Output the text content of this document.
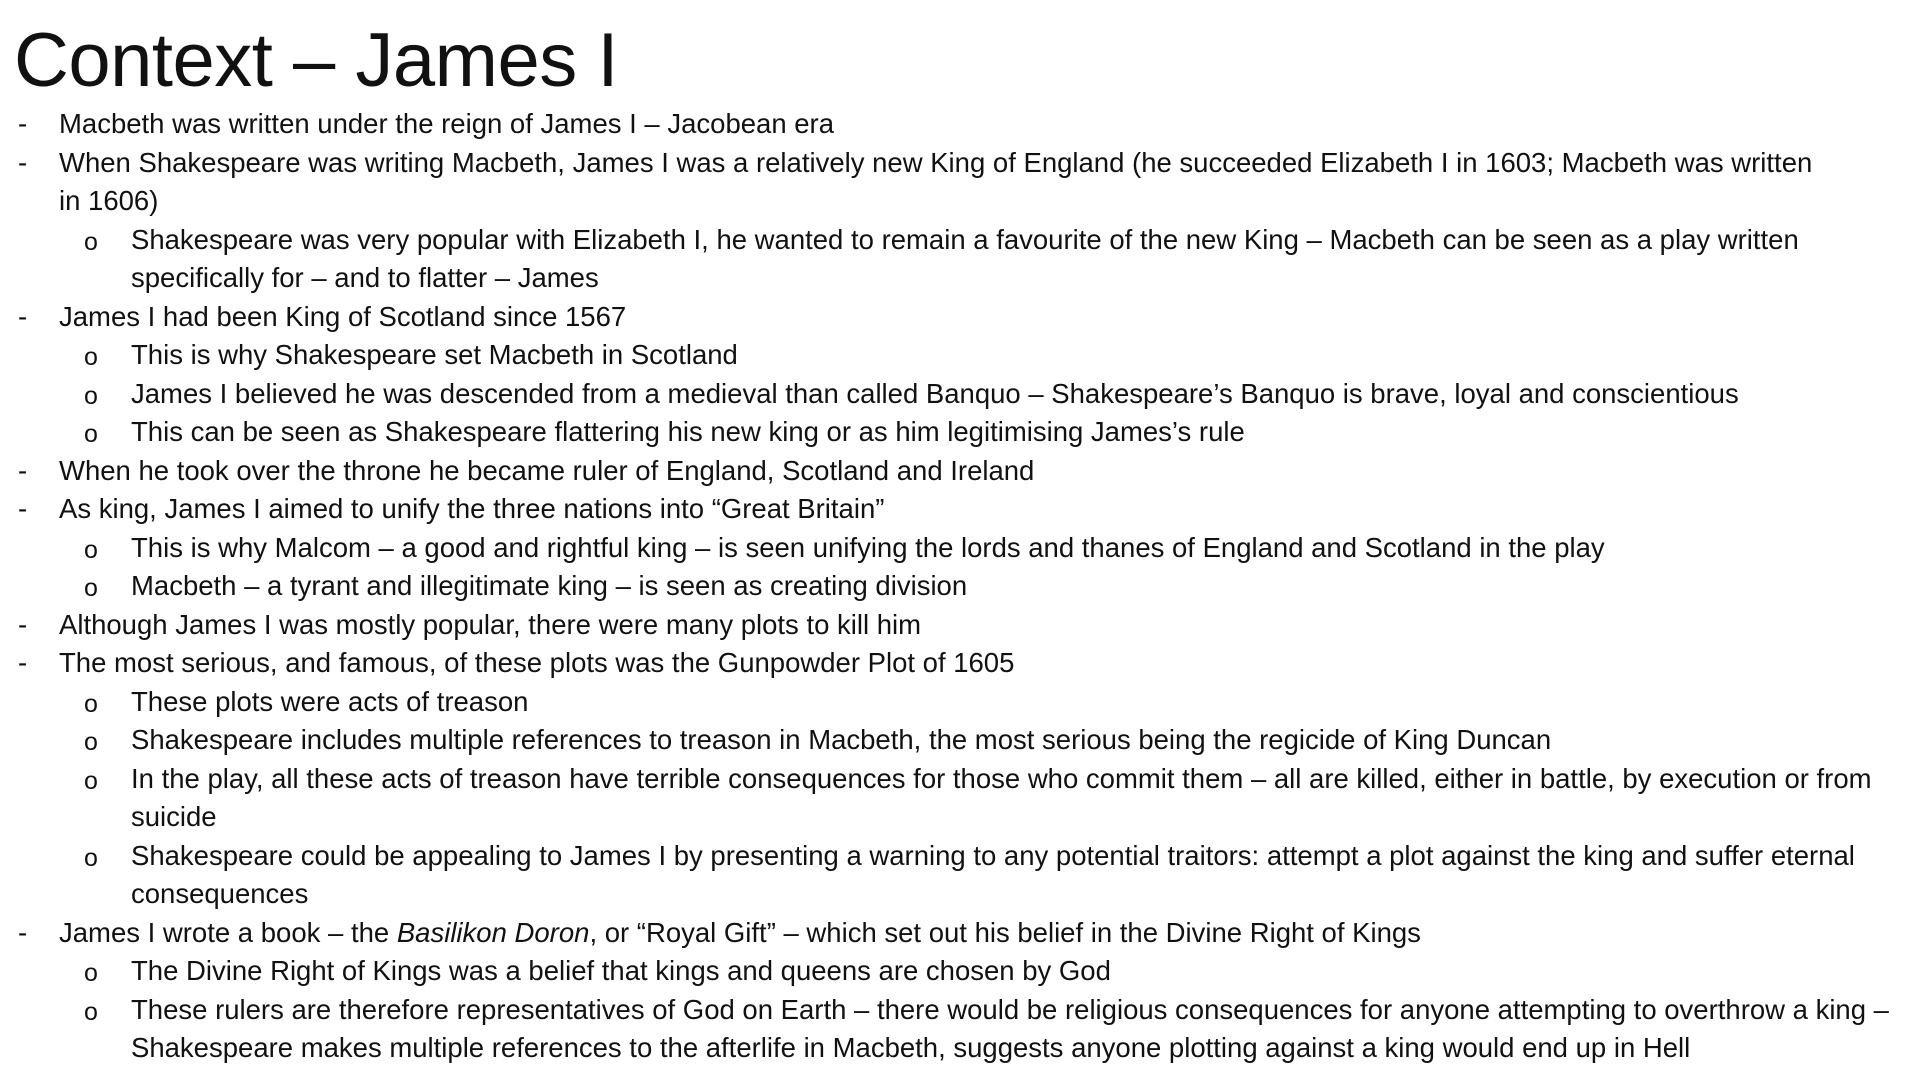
Context – James I
- Macbeth was written under the reign of James I – Jacobean era
- When Shakespeare was writing Macbeth, James I was a relatively new King of England (he succeeded Elizabeth I in 1603; Macbeth was written in 1606)
o Shakespeare was very popular with Elizabeth I, he wanted to remain a favourite of the new King – Macbeth can be seen as a play written specifically for – and to flatter – James
- James I had been King of Scotland since 1567
o This is why Shakespeare set Macbeth in Scotland
o James I believed he was descended from a medieval than called Banquo – Shakespeare’s Banquo is brave, loyal and conscientious
o This can be seen as Shakespeare flattering his new king or as him legitimising James’s rule
- When he took over the throne he became ruler of England, Scotland and Ireland
- As king, James I aimed to unify the three nations into “Great Britain”
o This is why Malcom – a good and rightful king – is seen unifying the lords and thanes of England and Scotland in the play
o Macbeth – a tyrant and illegitimate king – is seen as creating division
- Although James I was mostly popular, there were many plots to kill him
- The most serious, and famous, of these plots was the Gunpowder Plot of 1605
o These plots were acts of treason
o Shakespeare includes multiple references to treason in Macbeth, the most serious being the regicide of King Duncan
o In the play, all these acts of treason have terrible consequences for those who commit them – all are killed, either in battle, by execution or from suicide
o Shakespeare could be appealing to James I by presenting a warning to any potential traitors: attempt a plot against the king and suffer eternal consequences
- James I wrote a book – the Basilikon Doron, or “Royal Gift” – which set out his belief in the Divine Right of Kings
o The Divine Right of Kings was a belief that kings and queens are chosen by God
o These rulers are therefore representatives of God on Earth – there would be religious consequences for anyone attempting to overthrow a king – Shakespeare makes multiple references to the afterlife in Macbeth, suggests anyone plotting against a king would end up in Hell
